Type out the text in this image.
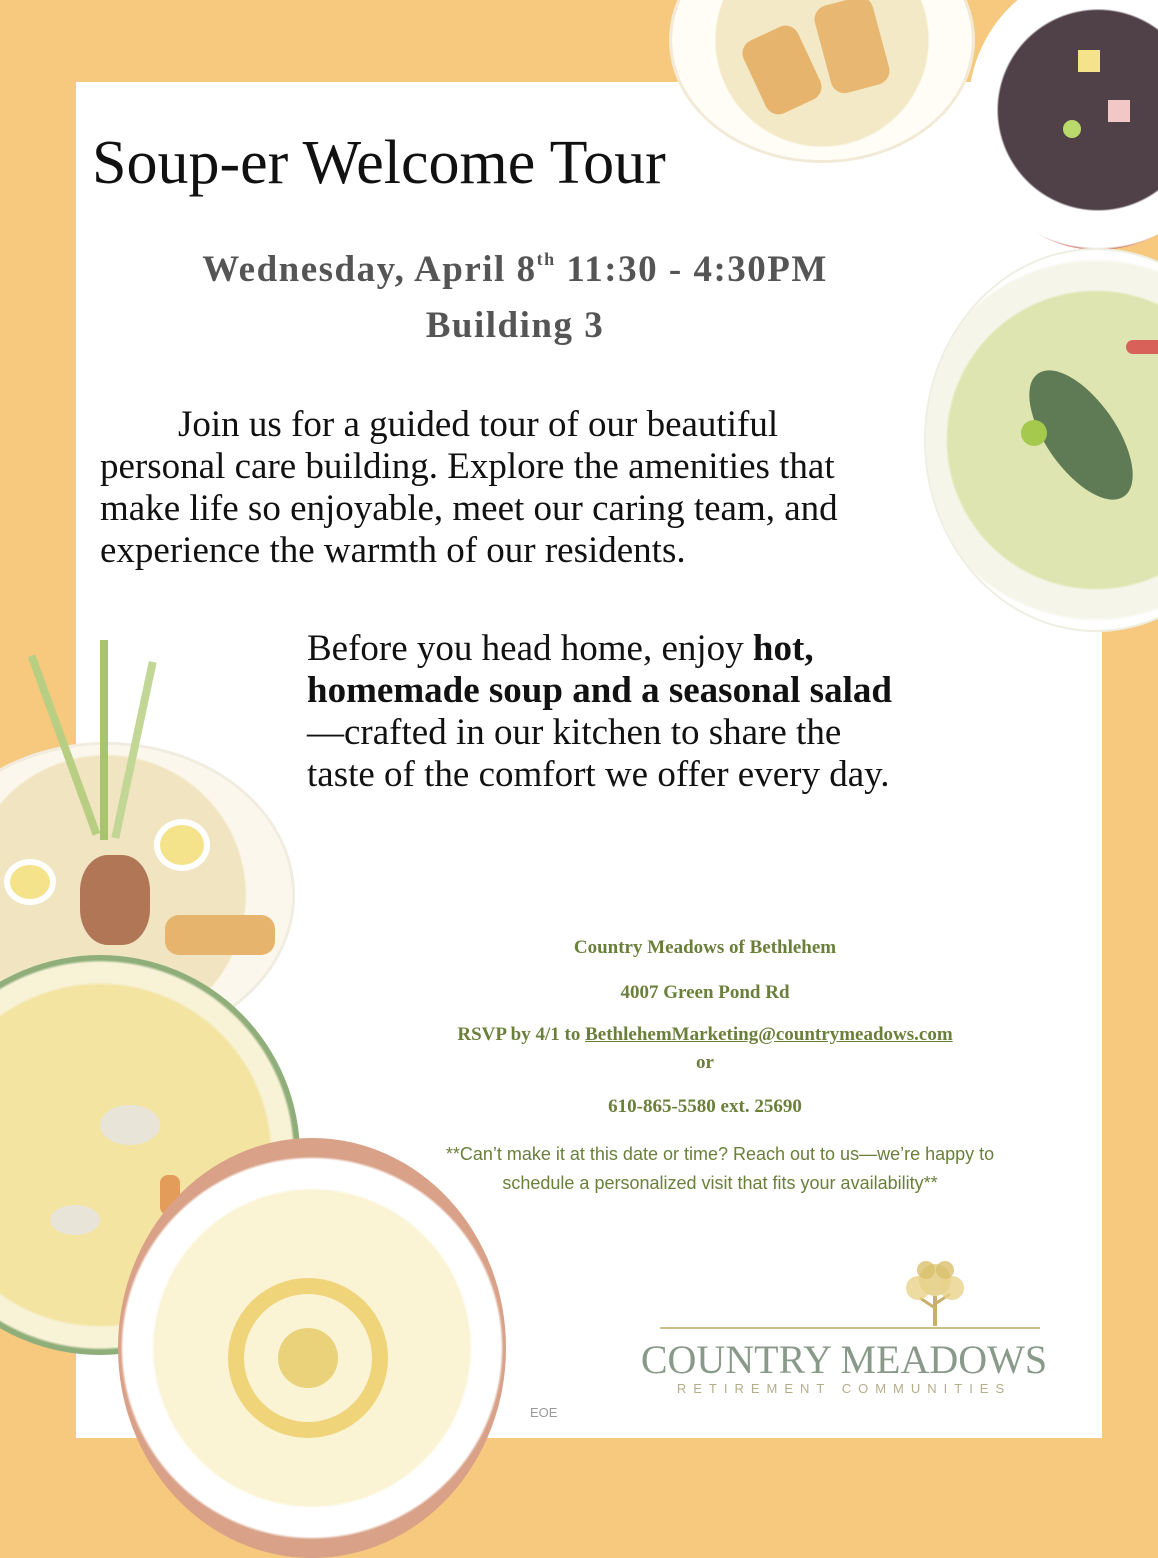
Soup-er Welcome Tour
Wednesday, April 8th 11:30 - 4:30PM
Building 3
Join us for a guided tour of our beautiful personal care building. Explore the amenities that make life so enjoyable, meet our caring team, and experience the warmth of our residents.
Before you head home, enjoy hot, homemade soup and a seasonal salad—crafted in our kitchen to share the taste of the comfort we offer every day.
Country Meadows of Bethlehem
4007 Green Pond Rd
RSVP by 4/1 to BethlehemMarketing@countrymeadows.com
or
610-865-5580 ext. 25690
**Can’t make it at this date or time? Reach out to us—we’re happy to schedule a personalized visit that fits your availability**
COUNTRY MEADOWS
RETIREMENT COMMUNITIES
EOE
